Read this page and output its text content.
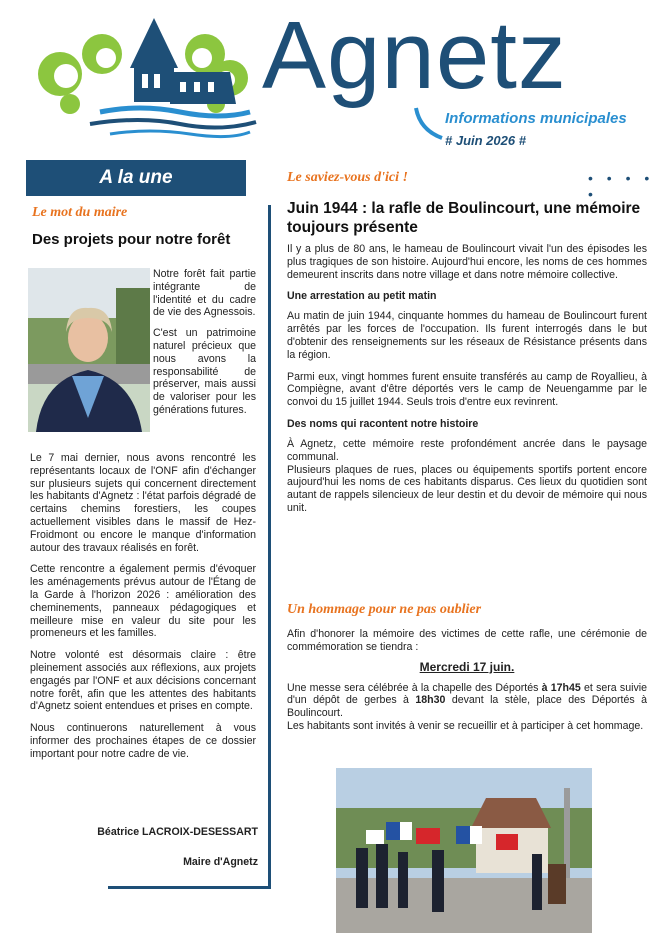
Agnetz
Informations municipales
# Juin 2026 #
A la une
Le mot du maire
Des projets pour notre forêt

Notre forêt fait partie intégrante de l'identité et du cadre de vie des Agnessois.

C'est un patrimoine naturel précieux que nous avons la responsabilité de préserver, mais aussi de valoriser pour les générations futures.

Le 7 mai dernier, nous avons rencontré les représentants locaux de l'ONF afin d'échanger sur plusieurs sujets qui concernent directement les habitants d'Agnetz : l'état parfois dégradé de certains chemins forestiers, les coupes actuellement visibles dans le massif de Hez-Froidmont ou encore le manque d'information autour des travaux réalisés en forêt.

Cette rencontre a également permis d'évoquer les aménagements prévus autour de l'Étang de la Garde à l'horizon 2026 : amélioration des cheminements, panneaux pédagogiques et meilleure mise en valeur du site pour les promeneurs et les familles.

Notre volonté est désormais claire : être pleinement associés aux réflexions, aux projets engagés par l'ONF et aux décisions concernant notre forêt, afin que les attentes des habitants d'Agnetz soient entendues et prises en compte.

Nous continuerons naturellement à vous informer des prochaines étapes de ce dossier important pour notre cadre de vie.

Béatrice LACROIX-DESESSART
Maire d'Agnetz
Le saviez-vous d'ici !	• • • • •
Juin 1944 : la rafle de Boulincourt, une mémoire toujours présente

Il y a plus de 80 ans, le hameau de Boulincourt vivait l'un des épisodes les plus tragiques de son histoire. Aujourd'hui encore, les noms de ces hommes demeurent inscrits dans notre village et dans notre mémoire collective.

Une arrestation au petit matin

Au matin de juin 1944, cinquante hommes du hameau de Boulincourt furent arrêtés par les forces de l'occupation. Ils furent interrogés dans le but d'obtenir des renseignements sur les réseaux de Résistance présents dans la région.

Parmi eux, vingt hommes furent ensuite transférés au camp de Royallieu, à Compiègne, avant d'être déportés vers le camp de Neuengamme par le convoi du 15 juillet 1944. Seuls trois d'entre eux revinrent.

Des noms qui racontent notre histoire

À Agnetz, cette mémoire reste profondément ancrée dans le paysage communal.

Plusieurs plaques de rues, places ou équipements sportifs portent encore aujourd'hui les noms de ces habitants disparus. Ces lieux du quotidien sont autant de rappels silencieux de leur destin et du devoir de mémoire qui nous unit.

Un hommage pour ne pas oublier

Afin d'honorer la mémoire des victimes de cette rafle, une cérémonie de commémoration se tiendra :

Mercredi 17 juin.

Une messe sera célébrée à la chapelle des Déportés à 17h45 et sera suivie d'un dépôt de gerbes à 18h30 devant la stèle, place des Déportés à Boulincourt.

Les habitants sont invités à venir se recueillir et à participer à cet hommage.
